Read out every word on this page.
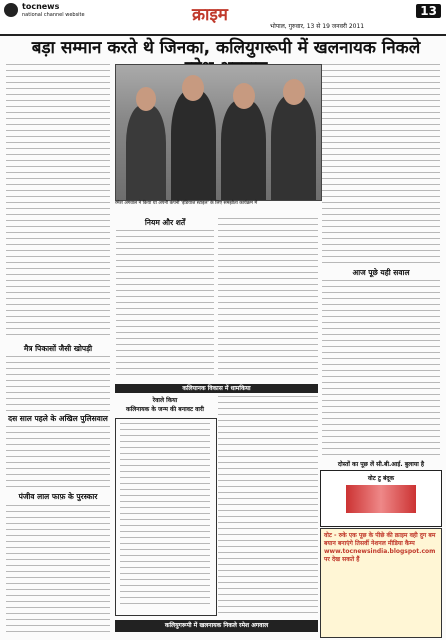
tocnews
national channel website	क्राइम
भोपाल, गुरुवार, 13 से 19 जनवरी 2011
13
बड़ा सम्मान करते थे जिनका, कलियुगरूपी में खलनायक निकले
मैत्र पिकासों जैसी खोपड़ी
दस साल पहले के अखिल पुलिसवाल
पंजीव लाल फाफ़ के पुरस्कार
रमेश अगवाल ने किया था अपनी कंपनी 'इंडियाज स्टाइल' के लिए समझौता कार्यक्रम में
नियम और शर्तें
कलियानक विकास में धामकिया
रेवाले किया
कलिनायक के जन्म की बनावट वारी
कलियुगरूपी में खलनायक निकले रमेश अगवाल
आज पूछे यही सवाल
दोस्तों का पूछ लें सी.बी.आई. बुलाया है
वोट टु बंदूक
वोट - रुके एक पूछ के पीछे की क्राइम वही दुग बम बयान बनाएंगे तिसर्वी नेशनल मीडिया कैम्प www.tocnewsindia.blogspot.com पर देख सकते हैं
